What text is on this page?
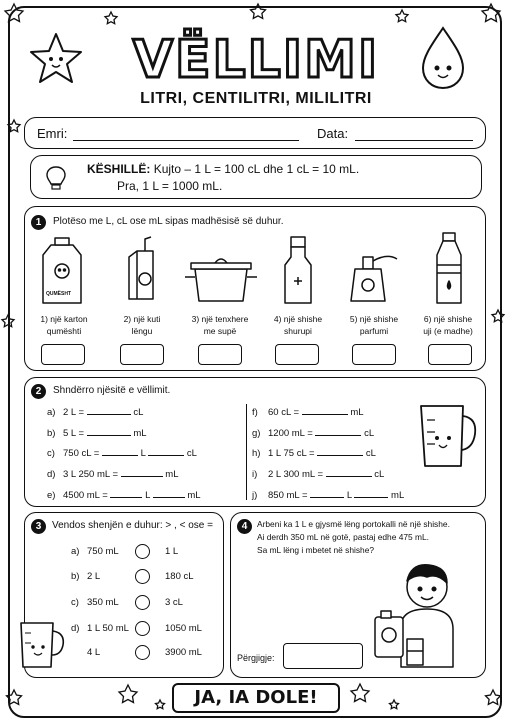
VËLLIMI
LITRI, CENTILITRI, MILILITRI
Emri:	Data:
KËSHILLË: Kujto – 1 L = 100 cL dhe 1 cL = 10 mL.
Pra, 1 L = 1000 mL.
1	Plotëso me L, cL ose mL sipas madhësisë së duhur.
QUMËSHT
1) një karton
qumështi
2) një kuti
lëngu
3) një tenxhere
me supë
4) një shishe
shurupi
5) një shishe
parfumi
6) një shishe
uji (e madhe)
2	Shndërro njësitë e vëllimit.
a) 2 L =	cL
b) 5 L =	mL
c) 750 cL =	L	cL
d) 3 L 250 mL =	mL
e) 4500 mL =	L	mL
f) 60 cL =	mL
g) 1200 mL =	cL
h) 1 L 75 cL =	cL
i) 2 L 300 mL =	cL
j) 850 mL =	L	mL
3	Vendos shenjën e duhur: > , < ose =
a) 750 mL	1 L
b) 2 L	180 cL
c) 350 mL	3 cL
d) 1 L 50 mL	1050 mL
4 L	3900 mL
4	Arbeni ka 1 L e gjysmë lëng portokalli në një shishe.
Ai derdh 350 mL në gotë, pastaj edhe 475 mL.
Sa mL lëng i mbetet në shishe?
Përgjigje:
JA, IA DOLE!
